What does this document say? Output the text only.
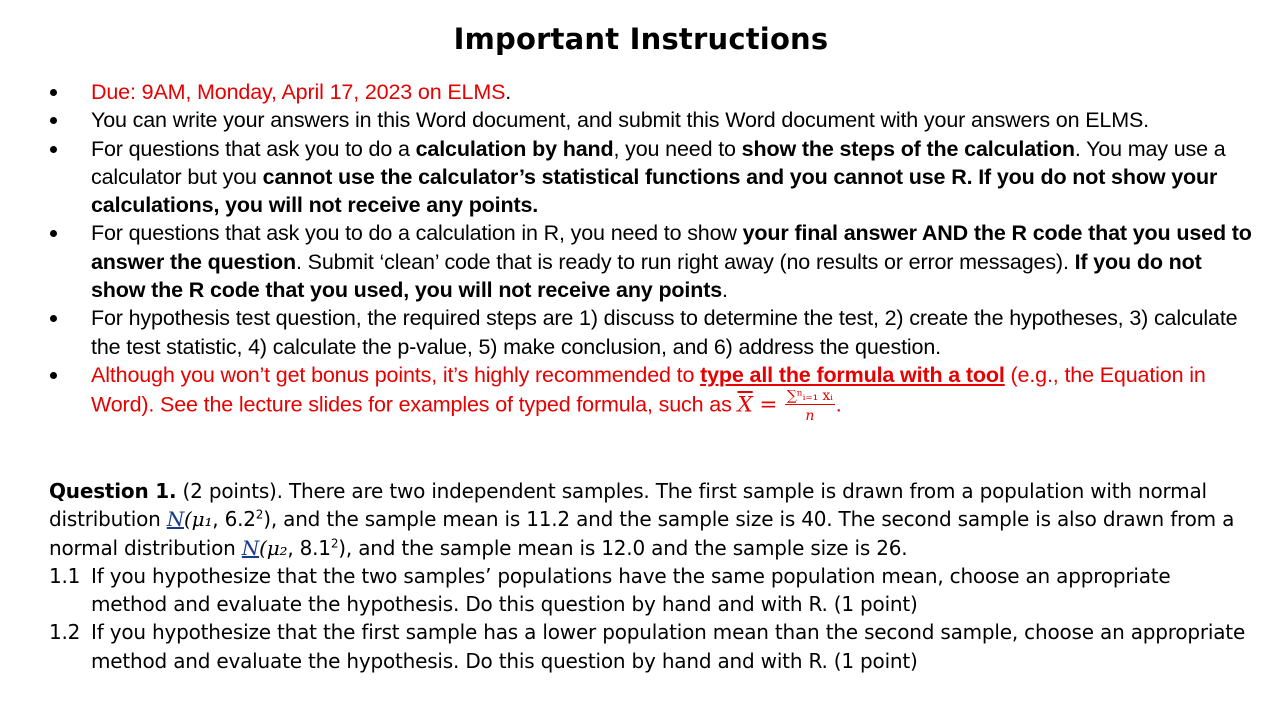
Important Instructions
Due: 9AM, Monday, April 17, 2023 on ELMS.
You can write your answers in this Word document, and submit this Word document with your answers on ELMS.
For questions that ask you to do a calculation by hand, you need to show the steps of the calculation. You may use a calculator but you cannot use the calculator’s statistical functions and you cannot use R. If you do not show your calculations, you will not receive any points.
For questions that ask you to do a calculation in R, you need to show your final answer AND the R code that you used to answer the question. Submit ‘clean’ code that is ready to run right away (no results or error messages). If you do not show the R code that you used, you will not receive any points.
For hypothesis test question, the required steps are 1) discuss to determine the test, 2) create the hypotheses, 3) calculate the test statistic, 4) calculate the p-value, 5) make conclusion, and 6) address the question.
Although you won’t get bonus points, it’s highly recommended to type all the formula with a tool (e.g., the Equation in Word). See the lecture slides for examples of typed formula, such as $\overline{X} = \frac{\text{∑ⁿᵢ₌₁ xᵢ}}{n}$ .
Question 1. (2 points). There are two independent samples. The first sample is drawn from a population with normal distribution N(μ₁, $6.2^2$), and the sample mean is 11.2 and the sample size is 40. The second sample is also drawn from a normal distribution N(μ₂, $8.1^2$), and the sample mean is 12.0 and the sample size is 26.
1.1 If you hypothesize that the two samples’ populations have the same population mean, choose an appropriate method and evaluate the hypothesis. Do this question by hand and with R. (1 point)
1.2 If you hypothesize that the first sample has a lower population mean than the second sample, choose an appropriate method and evaluate the hypothesis. Do this question by hand and with R. (1 point)
